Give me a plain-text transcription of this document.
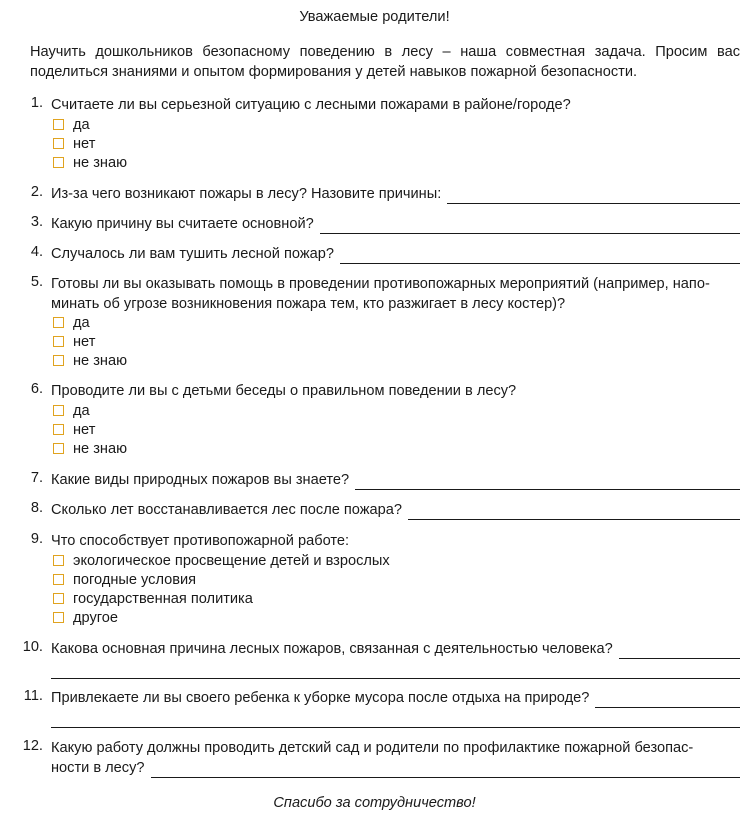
Уважаемые родители!
Научить дошкольников безопасному поведению в лесу – наша совместная задача. Просим вас поделиться знаниями и опытом формирования у детей навыков пожарной безопасности.
1. Считаете ли вы серьезной ситуацию с лесными пожарами в районе/городе?
да
нет
не знаю
2. Из-за чего возникают пожары в лесу? Назовите причины:
3. Какую причину вы считаете основной?
4. Случалось ли вам тушить лесной пожар?
5. Готовы ли вы оказывать помощь в проведении противопожарных мероприятий (например, напо-
минать об угрозе возникновения пожара тем, кто разжигает в лесу костер)?
да
нет
не знаю
6. Проводите ли вы с детьми беседы о правильном поведении в лесу?
да
нет
не знаю
7. Какие виды природных пожаров вы знаете?
8. Сколько лет восстанавливается лес после пожара?
9. Что способствует противопожарной работе:
экологическое просвещение детей и взрослых
погодные условия
государственная политика
другое
10. Какова основная причина лесных пожаров, связанная с деятельностью человека?
11. Привлекаете ли вы своего ребенка к уборке мусора после отдыха на природе?
12. Какую работу должны проводить детский сад и родители по профилактике пожарной безопас-
ности в лесу?
Спасибо за сотрудничество!
